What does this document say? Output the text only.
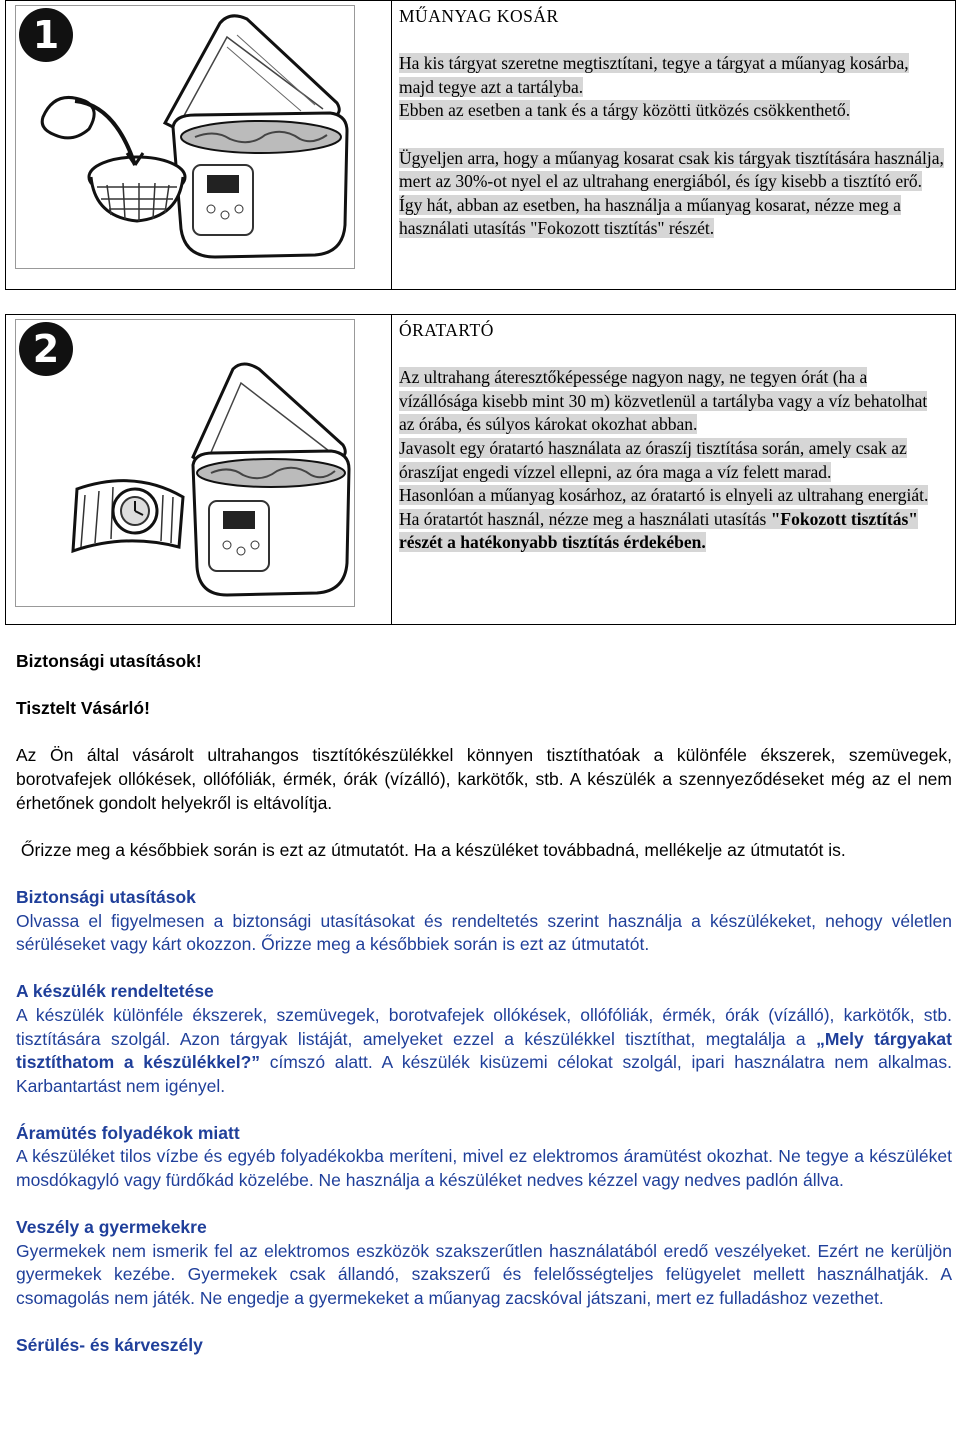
1	MŰANYAG KOSÁR

Ha kis tárgyat szeretne megtisztítani, tegye a tárgyat a műanyag kosárba, majd tegye azt a tartályba.
Ebben az esetben a tank és a tárgy közötti ütközés csökkenthető.

Ügyeljen arra, hogy a műanyag kosarat csak kis tárgyak tisztítására használja, mert az 30%-ot nyel el az ultrahang energiából, és így kisebb a tisztító erő. Így hát, abban az esetben, ha használja a műanyag kosarat, nézze meg a használati utasítás "Fokozott tisztítás" részét.

2	ÓRATARTÓ

Az ultrahang áteresztőképessége nagyon nagy, ne tegyen órát (ha a vízállósága kisebb mint 30 m) közvetlenül a tartályba vagy a víz behatolhat az órába, és súlyos károkat okozhat abban.
Javasolt egy óratartó használata az óraszíj tisztítása során, amely csak az óraszíjat engedi vízzel ellepni, az óra maga a víz felett marad.
Hasonlóan a műanyag kosárhoz, az óratartó is elnyeli az ultrahang energiát. Ha óratartót használ, nézze meg a használati utasítás "Fokozott tisztítás" részét a hatékonyabb tisztítás érdekében.

Biztonsági utasítások!

Tisztelt Vásárló!

Az Ön által vásárolt ultrahangos tisztítókészülékkel könnyen tisztíthatóak a különféle ékszerek, szemüvegek, borotvafejek ollókések, ollófóliák, érmék, órák (vízálló), karkötők, stb. A készülék a szennyeződéseket még az el nem érhetőnek gondolt helyekről is eltávolítja.

Őrizze meg a későbbiek során is ezt az útmutatót. Ha a készüléket továbbadná, mellékelje az útmutatót is.

Biztonsági utasítások

Olvassa el figyelmesen a biztonsági utasításokat és rendeltetés szerint használja a készülékeket, nehogy véletlen sérüléseket vagy kárt okozzon. Őrizze meg a későbbiek során is ezt az útmutatót.

A készülék rendeltetése

A készülék különféle ékszerek, szemüvegek, borotvafejek ollókések, ollófóliák, érmék, órák (vízálló), karkötők, stb. tisztítására szolgál. Azon tárgyak listáját, amelyeket ezzel a készülékkel tisztíthat, megtalálja a „Mely tárgyakat tisztíthatom a készülékkel?” címszó alatt. A készülék kisüzemi célokat szolgál, ipari használatra nem alkalmas. Karbantartást nem igényel.

Áramütés folyadékok miatt

A készüléket tilos vízbe és egyéb folyadékokba meríteni, mivel ez elektromos áramütést okozhat. Ne tegye a készüléket mosdókagyló vagy fürdőkád közelébe. Ne használja a készüléket nedves kézzel vagy nedves padlón állva.

Veszély a gyermekekre

Gyermekek nem ismerik fel az elektromos eszközök szakszerűtlen használatából eredő veszélyeket. Ezért ne kerüljön gyermekek kezébe. Gyermekek csak állandó, szakszerű és felelősségteljes felügyelet mellett használhatják. A csomagolás nem játék. Ne engedje a gyermekeket a műanyag zacskóval játszani, mert ez fulladáshoz vezethet.

Sérülés- és kárveszély
